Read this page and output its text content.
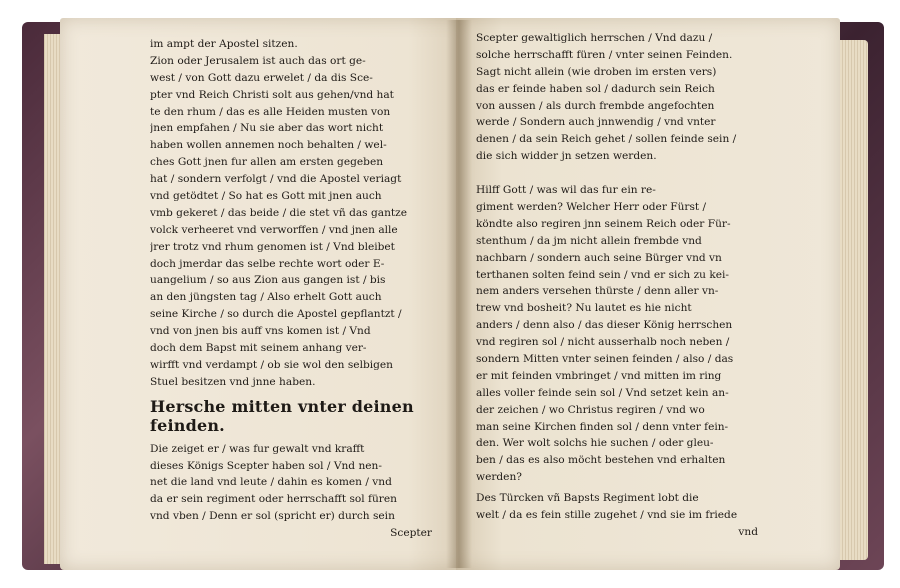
im ampt der Apostel sitzen.
Zion oder Jerusalem ist auch das ort ge-
west / von Gott dazu erwelet / da dis Sce-
pter vnd Reich Christi solt aus gehen/vnd hat
te den rhum / das es alle Heiden musten von
jnen empfahen / Nu sie aber das wort nicht
haben wollen annemen noch behalten / wel-
ches Gott jnen fur allen am ersten gegeben
hat / sondern verfolgt / vnd die Apostel veriagt
vnd getödtet / So hat es Gott mit jnen auch
vmb gekeret / das beide / die stet vñ das gantze
volck verheeret vnd verworffen / vnd jnen alle
jrer trotz vnd rhum genomen ist / Vnd bleibet
doch jmerdar das selbe rechte wort oder E-
uangelium / so aus Zion aus gangen ist / bis
an den jüngsten tag / Also erhelt Gott auch
seine Kirche / so durch die Apostel gepflantzt /
vnd von jnen bis auff vns komen ist / Vnd
doch dem Bapst mit seinem anhang ver-
wirfft vnd verdampt / ob sie wol den selbigen
Stuel besitzen vnd jnne haben.
Hersche mitten vnter deinen
feinden.
Die zeiget er / was fur gewalt vnd krafft
dieses Königs Scepter haben sol / Vnd nen-
net die land vnd leute / dahin es komen / vnd
da er sein regiment oder herrschafft sol füren
vnd vben / Denn er sol (spricht er) durch sein
Scepter
Scepter gewaltiglich herrschen / Vnd dazu /
solche herrschafft füren / vnter seinen Feinden.
Sagt nicht allein (wie droben im ersten vers)
das er feinde haben sol / dadurch sein Reich
von aussen / als durch frembde angefochten
werde / Sondern auch jnnwendig / vnd vnter
denen / da sein Reich gehet / sollen feinde sein /
die sich widder jn setzen werden.
Hilff Gott / was wil das fur ein re-
giment werden? Welcher Herr oder Fürst /
köndte also regiren jnn seinem Reich oder Für-
stenthum / da jm nicht allein frembde vnd
nachbarn / sondern auch seine Bürger vnd vn
terthanen solten feind sein / vnd er sich zu kei-
nem anders versehen thürste / denn aller vn-
trew vnd bosheit? Nu lautet es hie nicht
anders / denn also / das dieser König herrschen
vnd regiren sol / nicht ausserhalb noch neben /
sondern Mitten vnter seinen feinden / also / das
er mit feinden vmbringet / vnd mitten im ring
alles voller feinde sein sol / Vnd setzet kein an-
der zeichen / wo Christus regiren / vnd wo
man seine Kirchen finden sol / denn vnter fein-
den. Wer wolt solchs hie suchen / oder gleu-
ben / das es also möcht bestehen vnd erhalten
werden?
Des Türcken vñ Bapsts Regiment lobt die
welt / da es fein stille zugehet / vnd sie im friede
vnd
